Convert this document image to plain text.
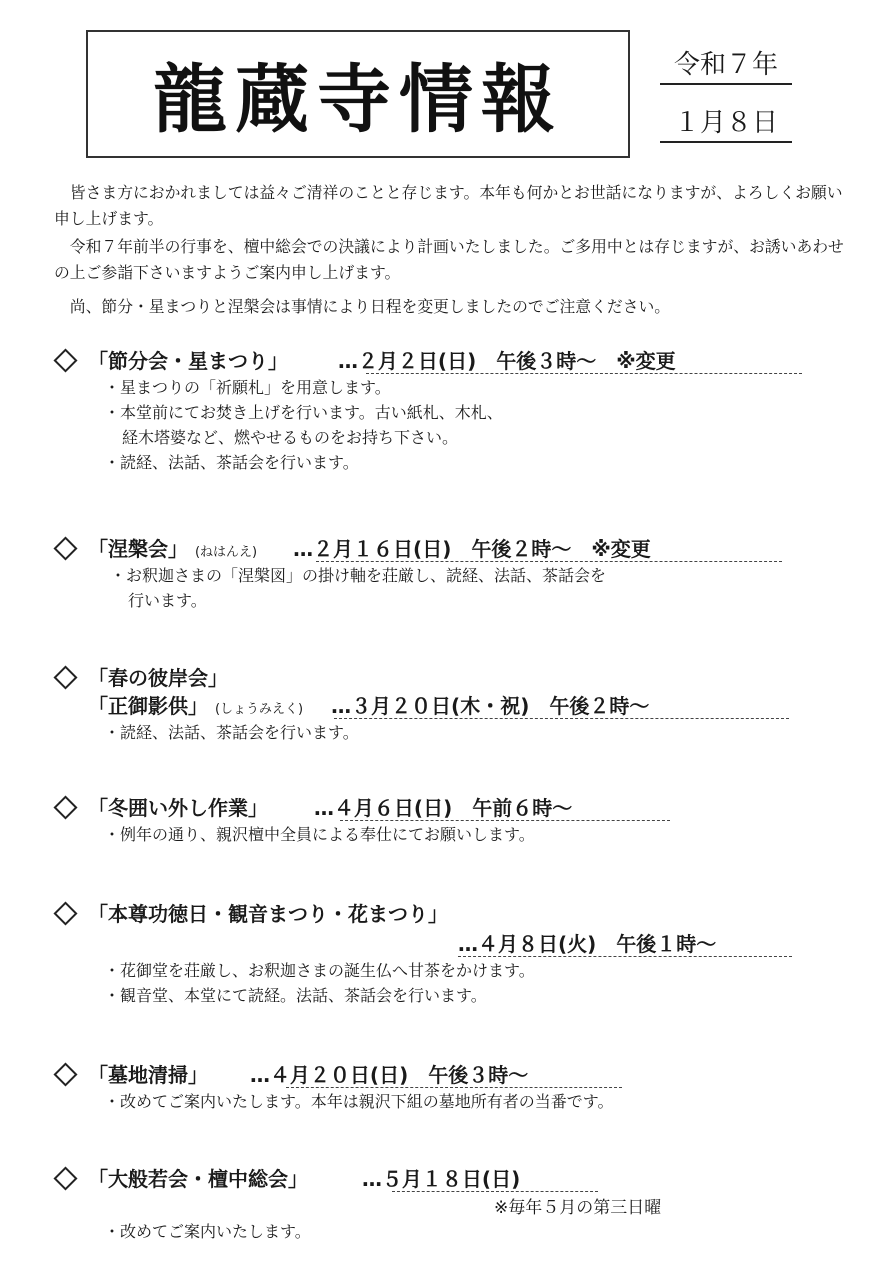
龍蔵寺情報	令和７年
１月８日

皆さま方におかれましては益々ご清祥のことと存じます。本年も何かとお世話になりますが、よろしくお願い申し上げます。

令和７年前半の行事を、檀中総会での決議により計画いたしました。ご多用中とは存じますが、お誘いあわせの上ご参詣下さいますようご案内申し上げます。

尚、節分・星まつりと涅槃会は事情により日程を変更しましたのでご注意ください。

「節分会・星まつり」 …２月２日(日)　午後３時～　※変更

・星まつりの「祈願札」を用意します。

・本堂前にてお焚き上げを行います。古い紙札、木札、

経木塔婆など、燃やせるものをお持ち下さい。

・読経、法話、茶話会を行います。

「涅槃会」 (ねはんえ) …２月１６日(日)　午後２時～　※変更

・お釈迦さまの「涅槃図」の掛け軸を荘厳し、読経、法話、茶話会を

行います。

「春の彼岸会」
「正御影供」 (しょうみえく) …３月２０日(木・祝)　午後２時～

・読経、法話、茶話会を行います。

「冬囲い外し作業」 …４月６日(日)　午前６時～

・例年の通り、親沢檀中全員による奉仕にてお願いします。

「本尊功徳日・観音まつり・花まつり」
…４月８日(火)　午後１時～

・花御堂を荘厳し、お釈迦さまの誕生仏へ甘茶をかけます。

・観音堂、本堂にて読経。法話、茶話会を行います。

「墓地清掃」 …４月２０日(日)　午後３時～

・改めてご案内いたします。本年は親沢下組の墓地所有者の当番です。

「大般若会・檀中総会」	…５月１８日(日)
※毎年５月の第三日曜

・改めてご案内いたします。
